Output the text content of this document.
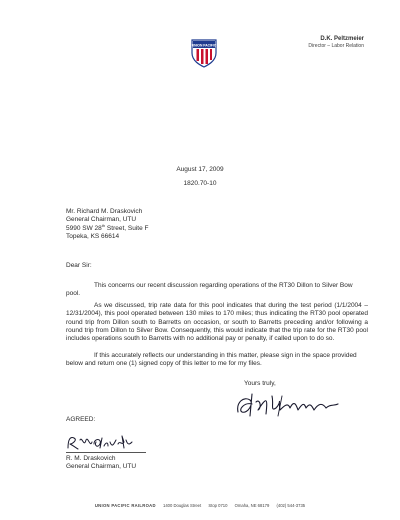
UNION PACIFIC
D.K. Peltzmeier
Director – Labor Relation
August 17, 2009
1820.70-10
Mr. Richard M. Draskovich
General Chairman, UTU
5990 SW 28th Street, Suite F
Topeka, KS 66614
Dear Sir:

This concerns our recent discussion regarding operations of the RT30 Dillon to Silver Bow pool.

As we discussed, trip rate data for this pool indicates that during the test period (1/1/2004 – 12/31/2004), this pool operated between 130 miles to 170 miles; thus indicating the RT30 pool operated round trip from Dillon south to Barretts on occasion, or south to Barretts preceding and/or following a round trip from Dillon to Silver Bow. Consequently, this would indicate that the trip rate for the RT30 pool includes operations south to Barretts with no additional pay or penalty, if called upon to do so.

If this accurately reflects our understanding in this matter, please sign in the space provided below and return one (1) signed copy of this letter to me for my files.

Yours truly,
AGREED:
R. M. Draskovich
General Chairman, UTU
UNION PACIFIC RAILROAD 1400 Douglas Street Stop 0710 Omaha, NE 68179 (402) 544-3735
